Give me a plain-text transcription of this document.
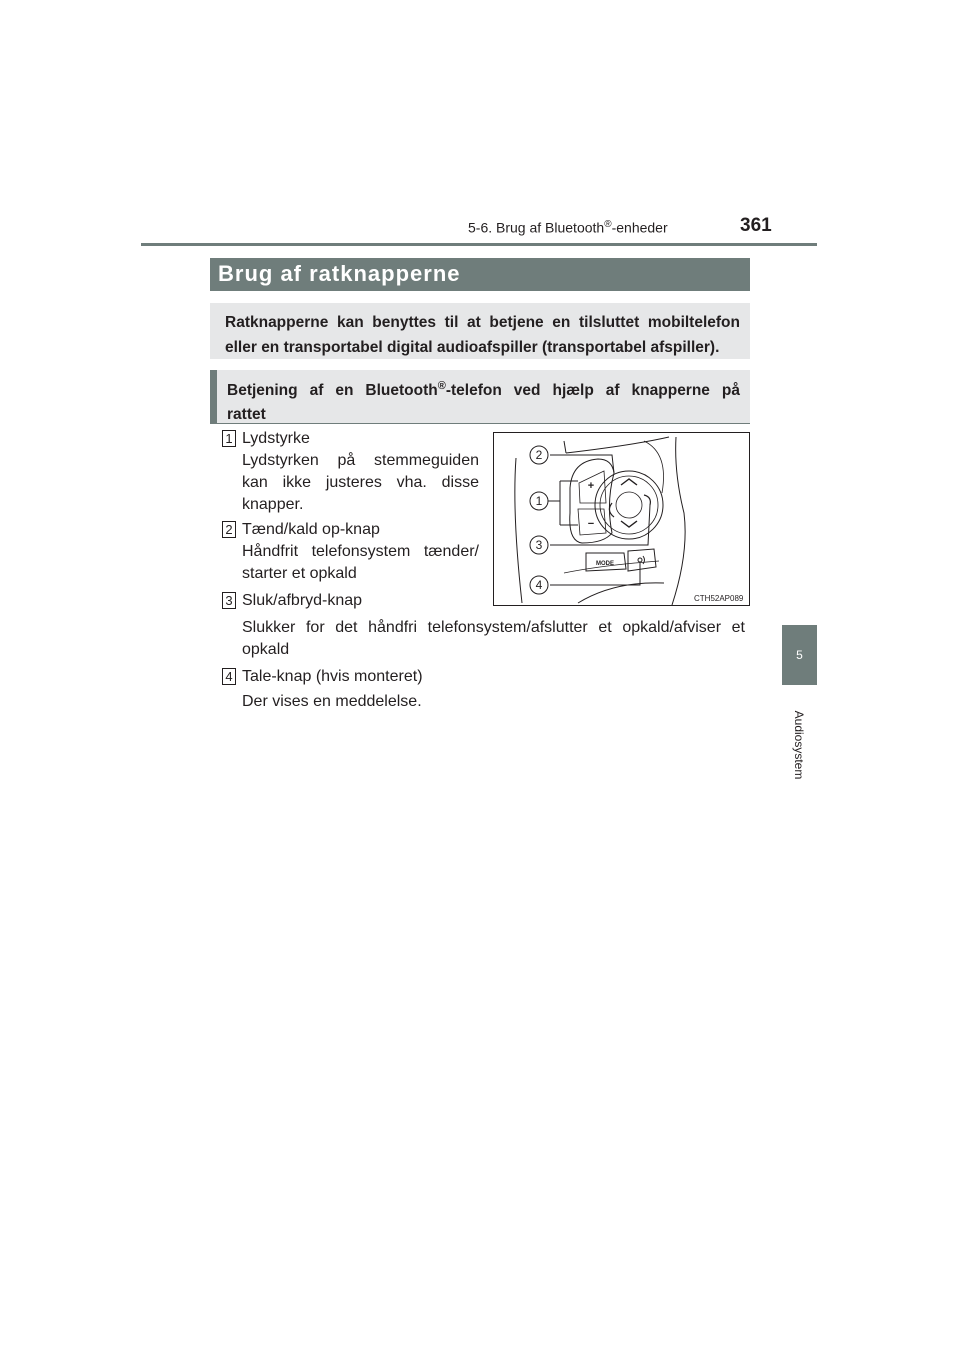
5-6. Brug af Bluetooth®-enheder	361
5
Audiosystem
Brug af ratknapperne
Ratknapperne kan benyttes til at betjene en tilsluttet mobiltelefon eller en transportabel digital audioafspiller (transportabel afspiller).
Betjening af en Bluetooth®-telefon ved hjælp af knapperne på
rattet
1 Lydstyrke
Lydstyrken på stemmeguiden
kan ikke justeres vha. disse
knapper.
2 Tænd/kald op-knap
Håndfrit telefonsystem tænder/
starter et opkald
3 Sluk/afbryd-knap
Slukker for det håndfri telefonsystem/afslutter et opkald/afviser et
opkald
4 Tale-knap (hvis monteret)
Der vises en meddelelse.
2
1
3
4
+
−
MODE
CTH52AP089
